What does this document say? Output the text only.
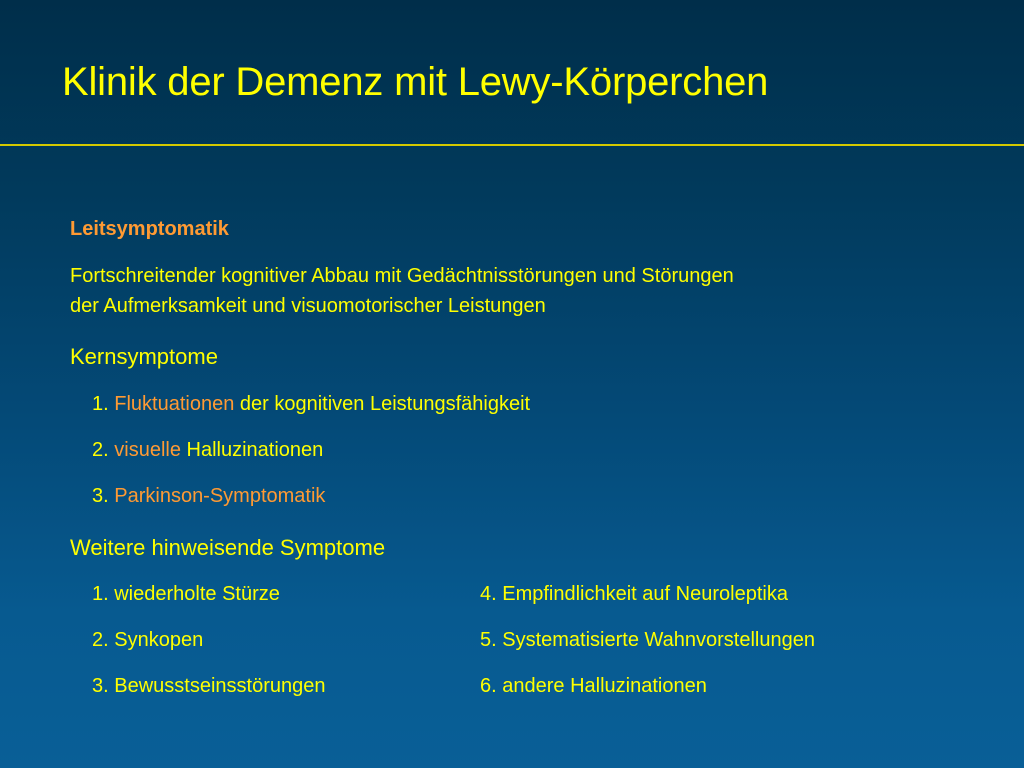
Klinik der Demenz mit Lewy-Körperchen
Leitsymptomatik
Fortschreitender kognitiver Abbau mit Gedächtnisstörungen und Störungen
der Aufmerksamkeit und visuomotorischer Leistungen
Kernsymptome
1. Fluktuationen der kognitiven Leistungsfähigkeit
2. visuelle Halluzinationen
3. Parkinson-Symptomatik
Weitere hinweisende Symptome
1. wiederholte Stürze
2. Synkopen
3. Bewusstseinsstörungen
4. Empfindlichkeit auf Neuroleptika
5. Systematisierte Wahnvorstellungen
6. andere Halluzinationen
